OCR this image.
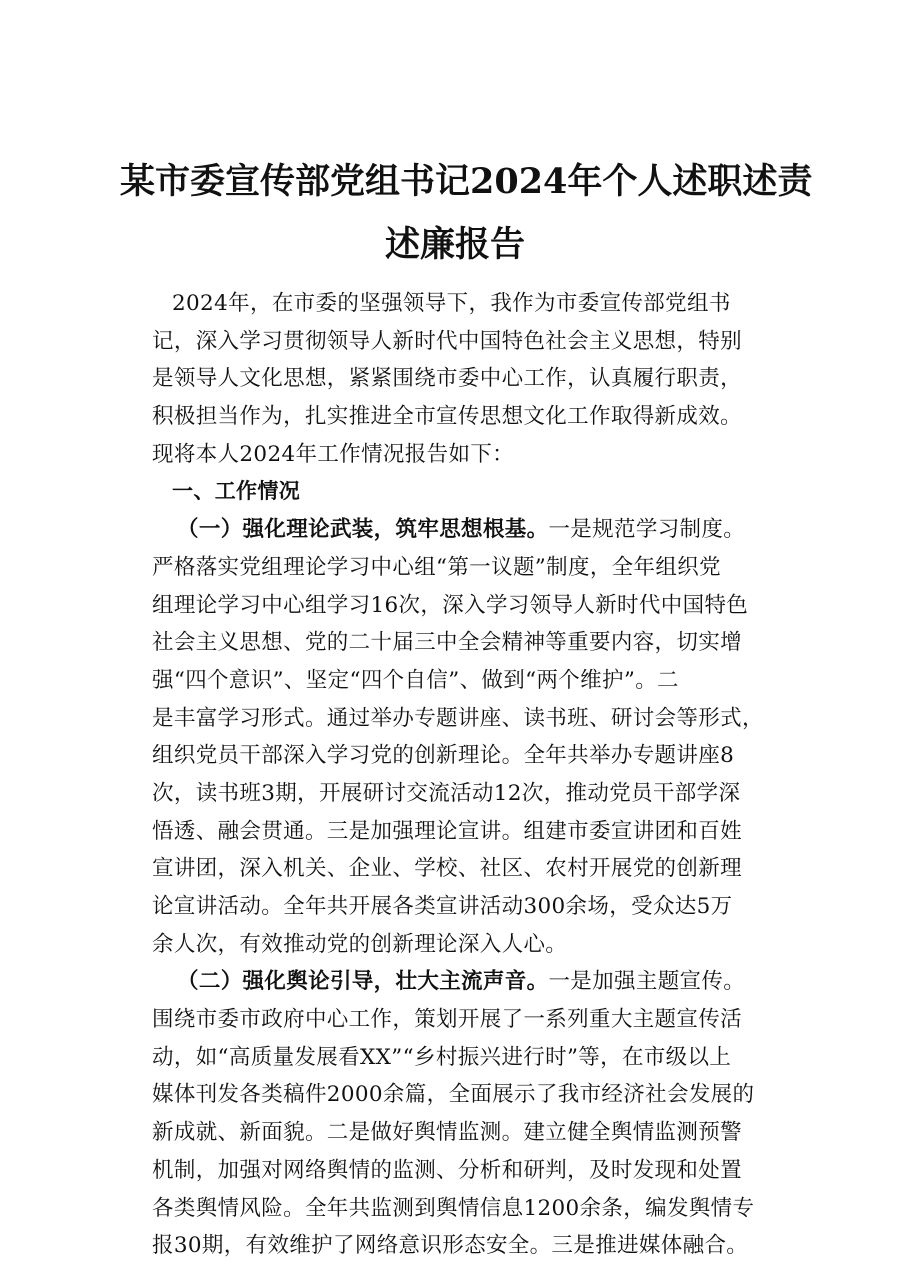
某市委宣传部党组书记2024年个人述职述责
述廉报告
2024年，在市委的坚强领导下，我作为市委宣传部党组书
记，深入学习贯彻领导人新时代中国特色社会主义思想，特别
是领导人文化思想，紧紧围绕市委中心工作，认真履行职责，
积极担当作为，扎实推进全市宣传思想文化工作取得新成效。
现将本人2024年工作情况报告如下：
一、工作情况
（一）强化理论武装，筑牢思想根基。一是规范学习制度。
严格落实党组理论学习中心组“第一议题”制度，全年组织党
组理论学习中心组学习16次，深入学习领导人新时代中国特色
社会主义思想、党的二十届三中全会精神等重要内容，切实增
强“四个意识”、坚定“四个自信”、做到“两个维护”。二
是丰富学习形式。通过举办专题讲座、读书班、研讨会等形式，
组织党员干部深入学习党的创新理论。全年共举办专题讲座8
次，读书班3期，开展研讨交流活动12次，推动党员干部学深
悟透、融会贯通。三是加强理论宣讲。组建市委宣讲团和百姓
宣讲团，深入机关、企业、学校、社区、农村开展党的创新理
论宣讲活动。全年共开展各类宣讲活动300余场，受众达5万
余人次，有效推动党的创新理论深入人心。
（二）强化舆论引导，壮大主流声音。一是加强主题宣传。
围绕市委市政府中心工作，策划开展了一系列重大主题宣传活
动，如“高质量发展看XX”“乡村振兴进行时”等，在市级以上
媒体刊发各类稿件2000余篇，全面展示了我市经济社会发展的
新成就、新面貌。二是做好舆情监测。建立健全舆情监测预警
机制，加强对网络舆情的监测、分析和研判，及时发现和处置
各类舆情风险。全年共监测到舆情信息1200余条，编发舆情专
报30期，有效维护了网络意识形态安全。三是推进媒体融合。
